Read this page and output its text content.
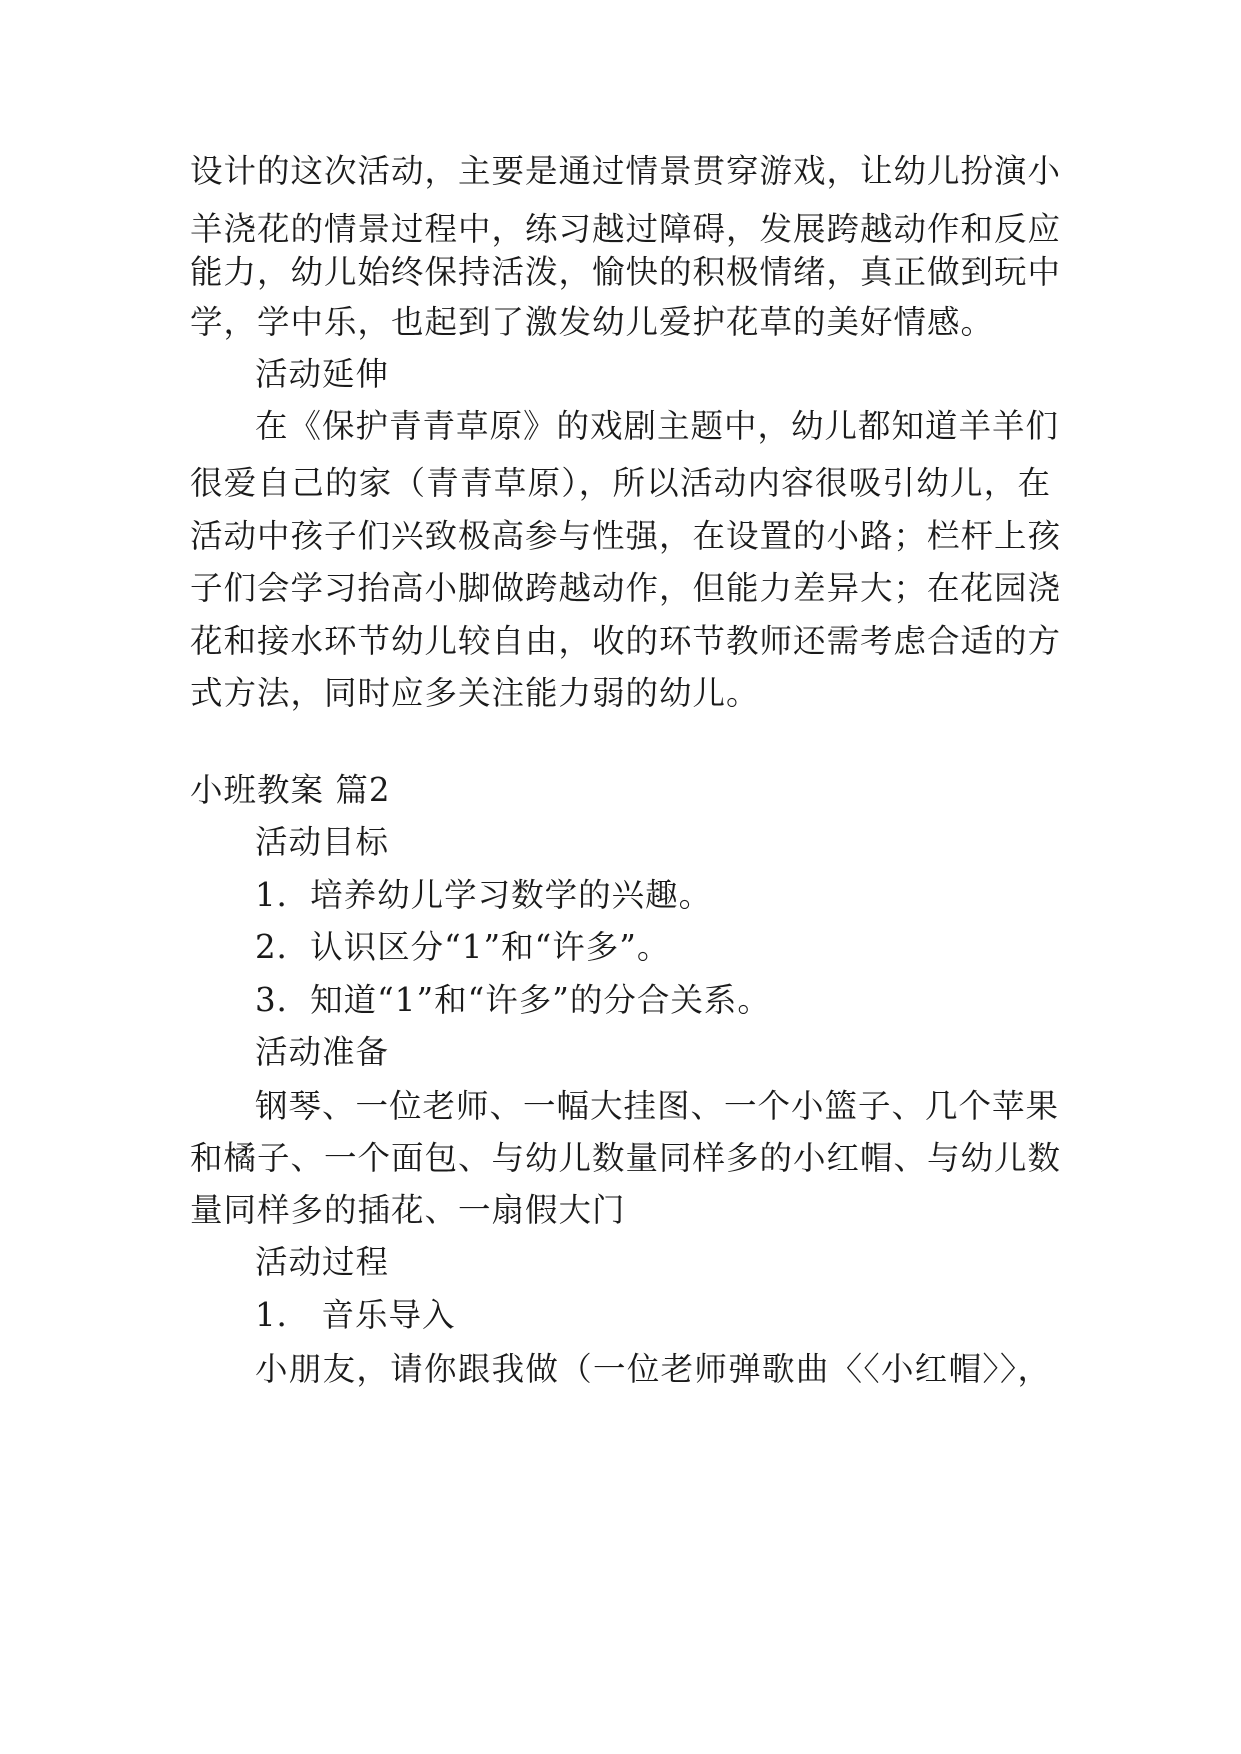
设计的这次活动，主要是通过情景贯穿游戏，让幼儿扮演小
羊浇花的情景过程中，练习越过障碍，发展跨越动作和反应
能力，幼儿始终保持活泼，愉快的积极情绪，真正做到玩中
学，学中乐，也起到了激发幼儿爱护花草的美好情感。
活动延伸
在《保护青青草原》的戏剧主题中，幼儿都知道羊羊们
很爱自己的家（青青草原），所以活动内容很吸引幼儿，在
活动中孩子们兴致极高参与性强，在设置的小路；栏杆上孩
子们会学习抬高小脚做跨越动作，但能力差异大；在花园浇
花和接水环节幼儿较自由，收的环节教师还需考虑合适的方
式方法，同时应多关注能力弱的幼儿。
小班教案 篇2
活动目标
1．培养幼儿学习数学的兴趣。
2．认识区分“1”和“许多”。
3．知道“1”和“许多”的分合关系。
活动准备
钢琴、一位老师、一幅大挂图、一个小篮子、几个苹果
和橘子、一个面包、与幼儿数量同样多的小红帽、与幼儿数
量同样多的插花、一扇假大门
活动过程
1． 音乐导入
小朋友，请你跟我做（一位老师弹歌曲〈〈小红帽〉〉，
